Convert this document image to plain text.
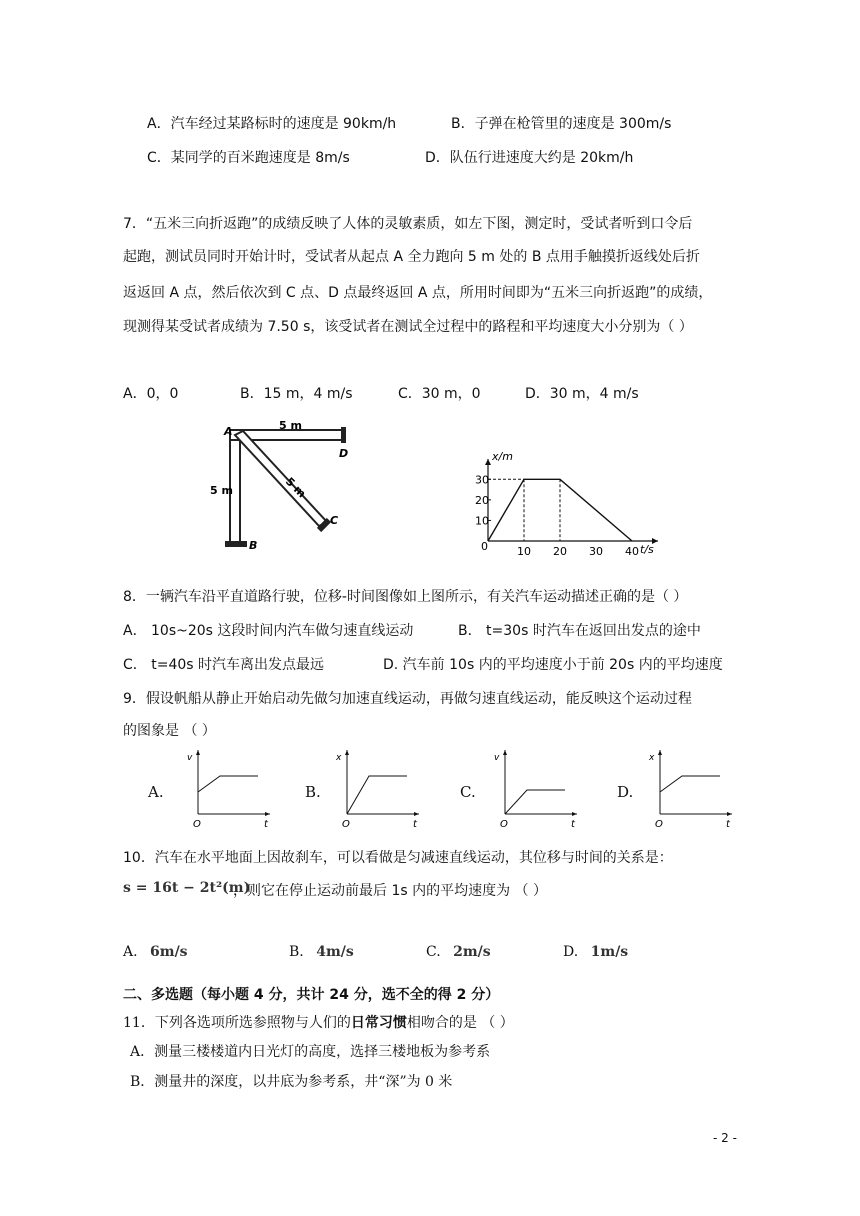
A．汽车经过某路标时的速度是 90km/h	B．子弹在枪管里的速度是 300m/s
C．某同学的百米跑速度是 8m/s	D．队伍行进速度大约是 20km/h
7．“五米三向折返跑”的成绩反映了人体的灵敏素质，如左下图，测定时，受试者听到口令后
起跑，测试员同时开始计时，受试者从起点 A 全力跑向 5 m 处的 B 点用手触摸折返线处后折
返返回 A 点，然后依次到 C 点、D 点最终返回 A 点，所用时间即为“五米三向折返跑”的成绩，
现测得某受试者成绩为 7.50 s，该受试者在测试全过程中的路程和平均速度大小分别为（ ）
A．0，0	B．15 m，4 m/s	C．30 m，0	D．30 m，4 m/s
A
B
C
D
5 m
5 m	5 m
10
20
30
10 20 30 40
x/m
t/s
0
8．一辆汽车沿平直道路行驶，位移-时间图像如上图所示，有关汽车运动描述正确的是（ ）
A． 10s~20s 这段时间内汽车做匀速直线运动	B． t=30s 时汽车在返回出发点的途中
C． t=40s 时汽车离出发点最远	D. 汽车前 10s 内的平均速度小于前 20s 内的平均速度
9．假设帆船从静止开始启动先做匀加速直线运动，再做匀速直线运动，能反映这个运动过程
的图象是 （ ）
A.
v
O	t
B.
x
O	t
C.
v
O	t
D.
x
O	t
10．汽车在水平地面上因故刹车，可以看做是匀减速直线运动，其位移与时间的关系是：
s = 16t − 2t²(m)
，则它在停止运动前最后 1s 内的平均速度为 （ ）
A. 6m/s	B. 4m/s	C. 2m/s	D. 1m/s
二、多选题（每小题 4 分，共计 24 分，选不全的得 2 分）
11．下列各选项所选参照物与人们的日常习惯相吻合的是 （ ）
A．测量三楼楼道内日光灯的高度，选择三楼地板为参考系
B．测量井的深度，以井底为参考系，井“深”为 0 米
- 2 -
